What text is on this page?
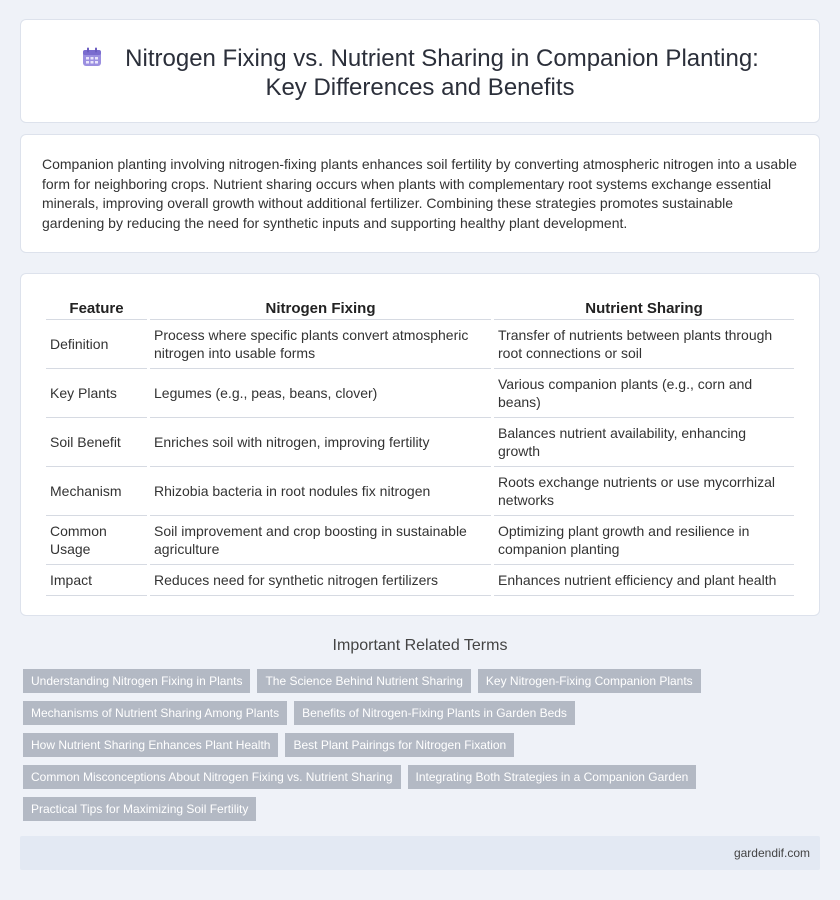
Nitrogen Fixing vs. Nutrient Sharing in Companion Planting: Key Differences and Benefits

Companion planting involving nitrogen-fixing plants enhances soil fertility by converting atmospheric nitrogen into a usable form for neighboring crops. Nutrient sharing occurs when plants with complementary root systems exchange essential minerals, improving overall growth without additional fertilizer. Combining these strategies promotes sustainable gardening by reducing the need for synthetic inputs and supporting healthy plant development.

Feature	Nitrogen Fixing	Nutrient Sharing
Definition	Process where specific plants convert atmospheric nitrogen into usable forms	Transfer of nutrients between plants through root connections or soil
Key Plants	Legumes (e.g., peas, beans, clover)	Various companion plants (e.g., corn and beans)
Soil Benefit	Enriches soil with nitrogen, improving fertility	Balances nutrient availability, enhancing growth
Mechanism	Rhizobia bacteria in root nodules fix nitrogen	Roots exchange nutrients or use mycorrhizal networks
Common Usage	Soil improvement and crop boosting in sustainable agriculture	Optimizing plant growth and resilience in companion planting
Impact	Reduces need for synthetic nitrogen fertilizers	Enhances nutrient efficiency and plant health
Important Related Terms
Understanding Nitrogen Fixing in Plants	The Science Behind Nutrient Sharing	Key Nitrogen-Fixing Companion Plants
Mechanisms of Nutrient Sharing Among Plants	Benefits of Nitrogen-Fixing Plants in Garden Beds
How Nutrient Sharing Enhances Plant Health	Best Plant Pairings for Nitrogen Fixation
Common Misconceptions About Nitrogen Fixing vs. Nutrient Sharing	Integrating Both Strategies in a Companion Garden
Practical Tips for Maximizing Soil Fertility
gardendif.com
